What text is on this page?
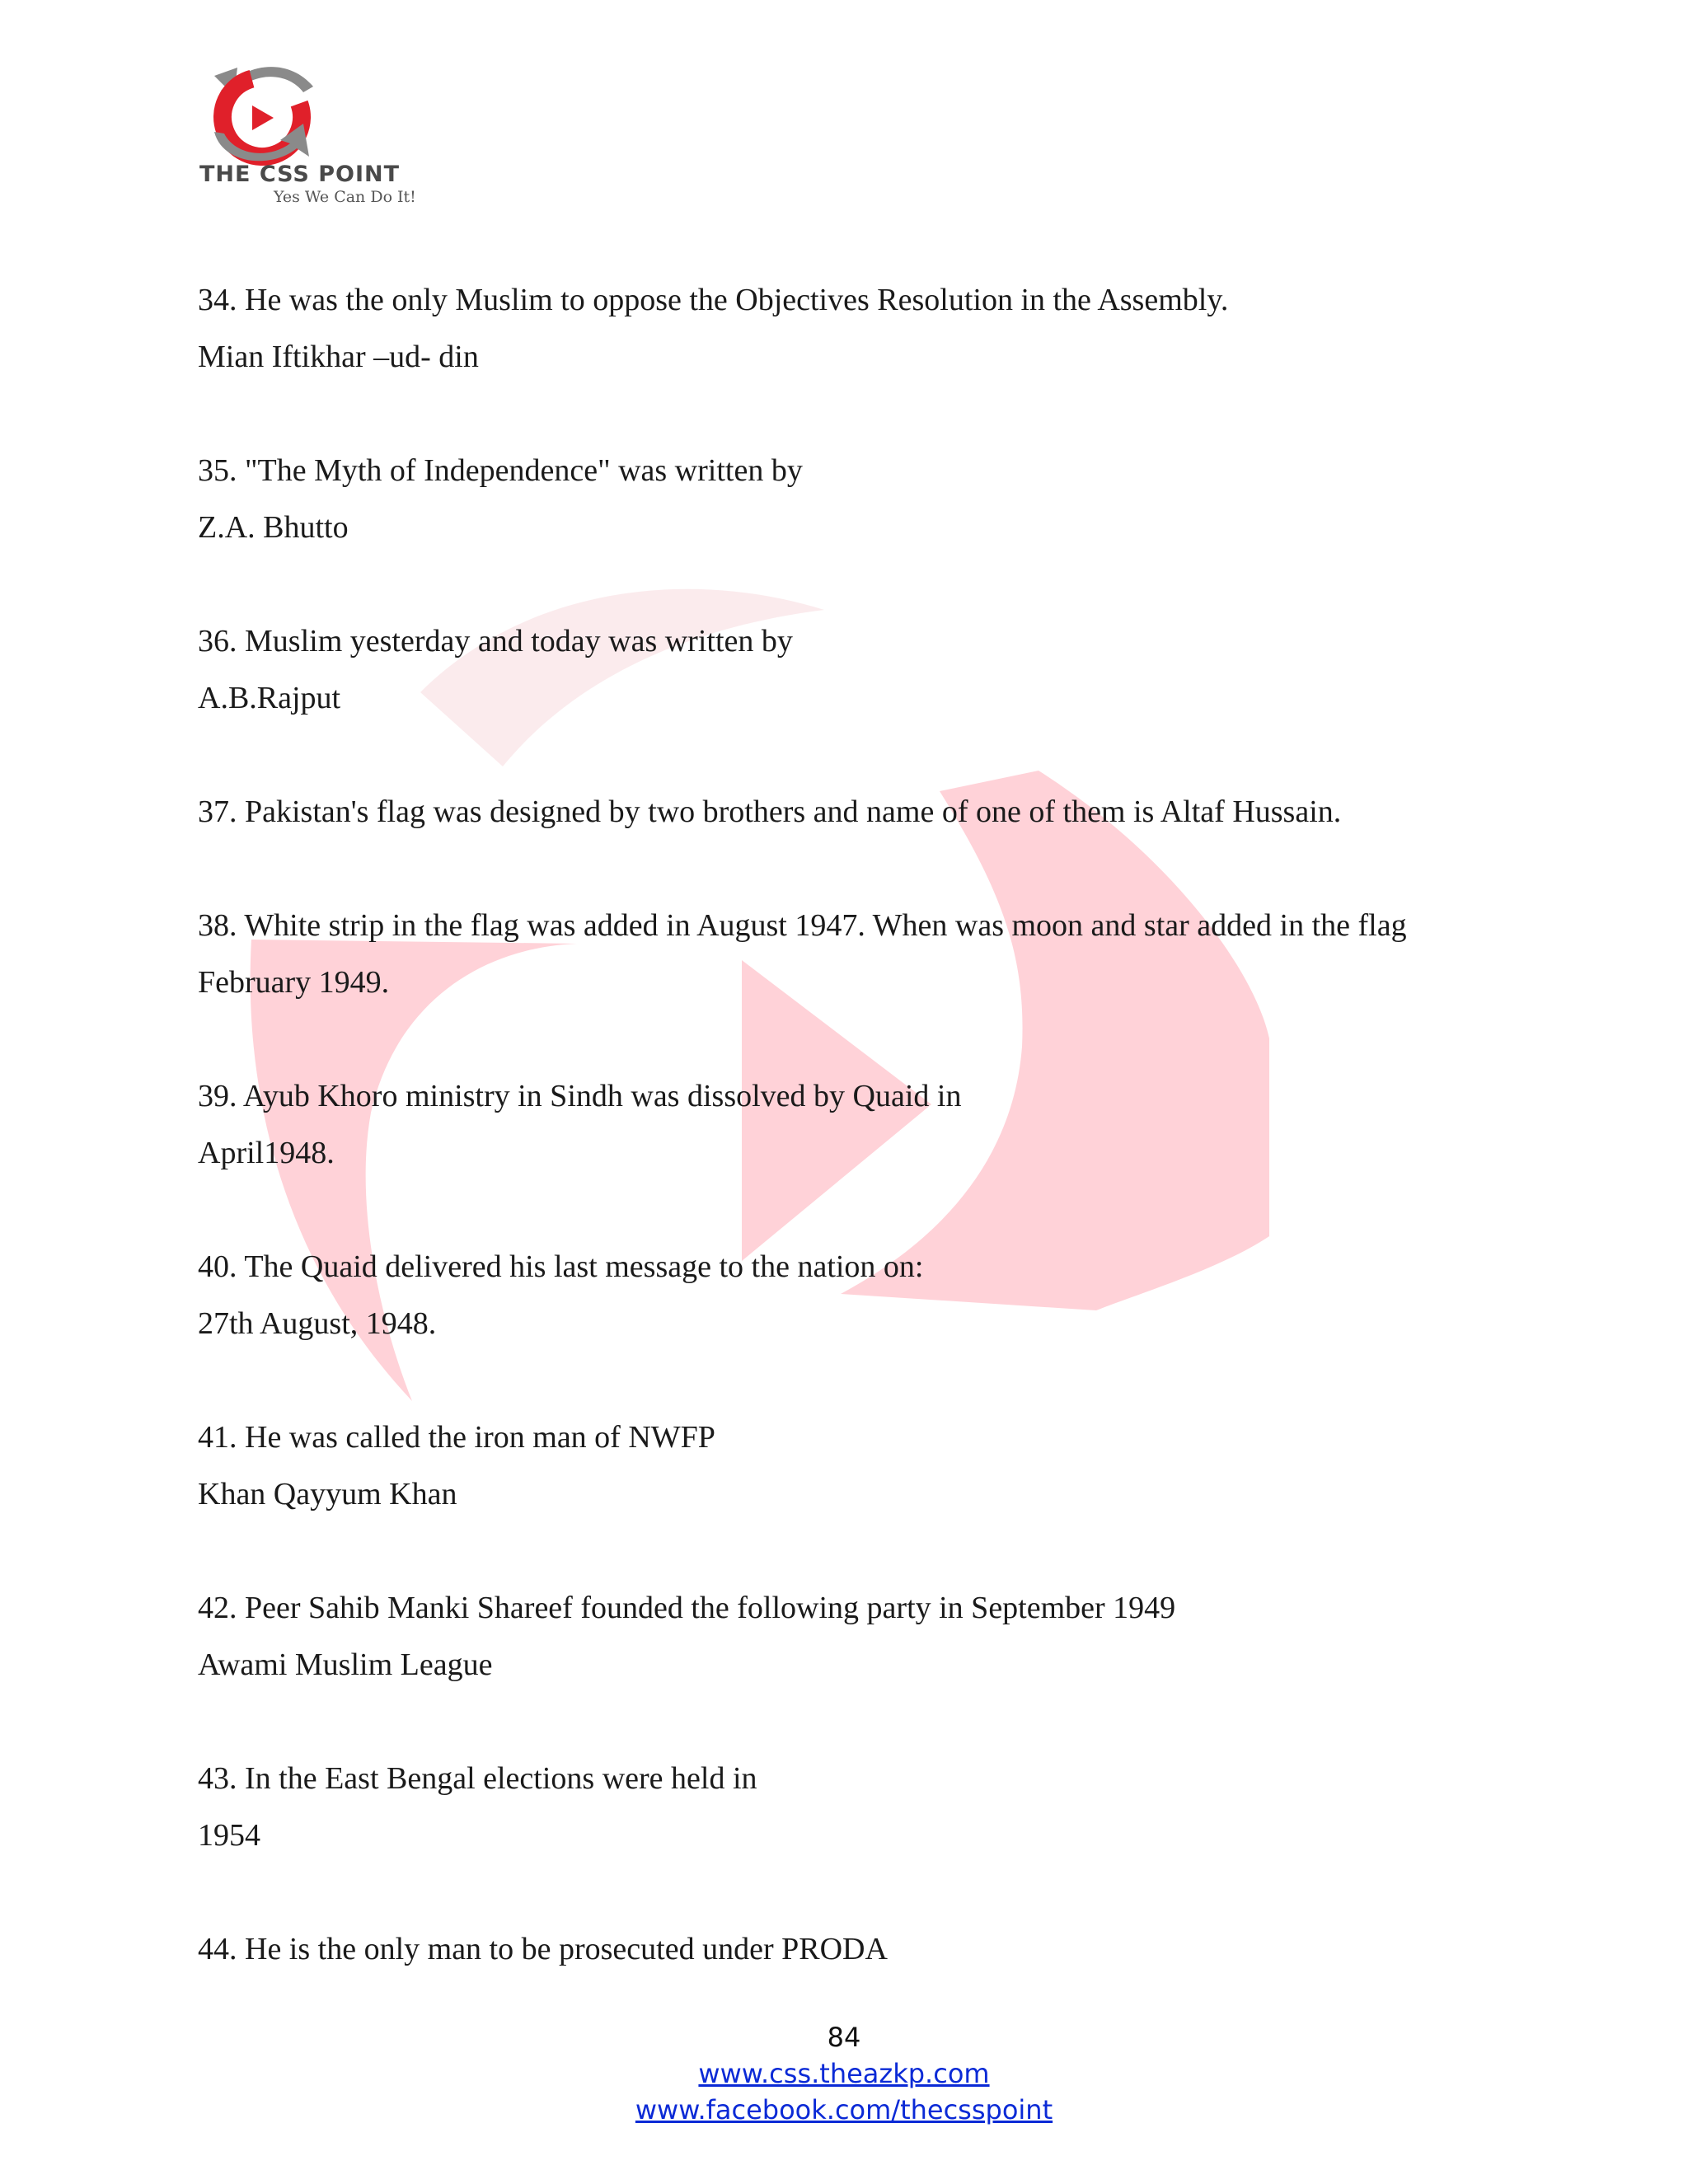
THE CSS POINT
Yes We Can Do It!
34. He was the only Muslim to oppose the Objectives Resolution in the Assembly.
Mian Iftikhar –ud- din
35. "The Myth of Independence" was written by
Z.A. Bhutto
36. Muslim yesterday and today was written by
A.B.Rajput
37. Pakistan's flag was designed by two brothers and name of one of them is Altaf Hussain.
38. White strip in the flag was added in August 1947. When was moon and star added in the flag
February 1949.
39. Ayub Khoro ministry in Sindh was dissolved by Quaid in
April1948.
40. The Quaid delivered his last message to the nation on:
27th August, 1948.
41. He was called the iron man of NWFP
Khan Qayyum Khan
42. Peer Sahib Manki Shareef founded the following party in September 1949
Awami Muslim League
43. In the East Bengal elections were held in
1954
44. He is the only man to be prosecuted under PRODA
84
www.css.theazkp.com
www.facebook.com/thecsspoint
